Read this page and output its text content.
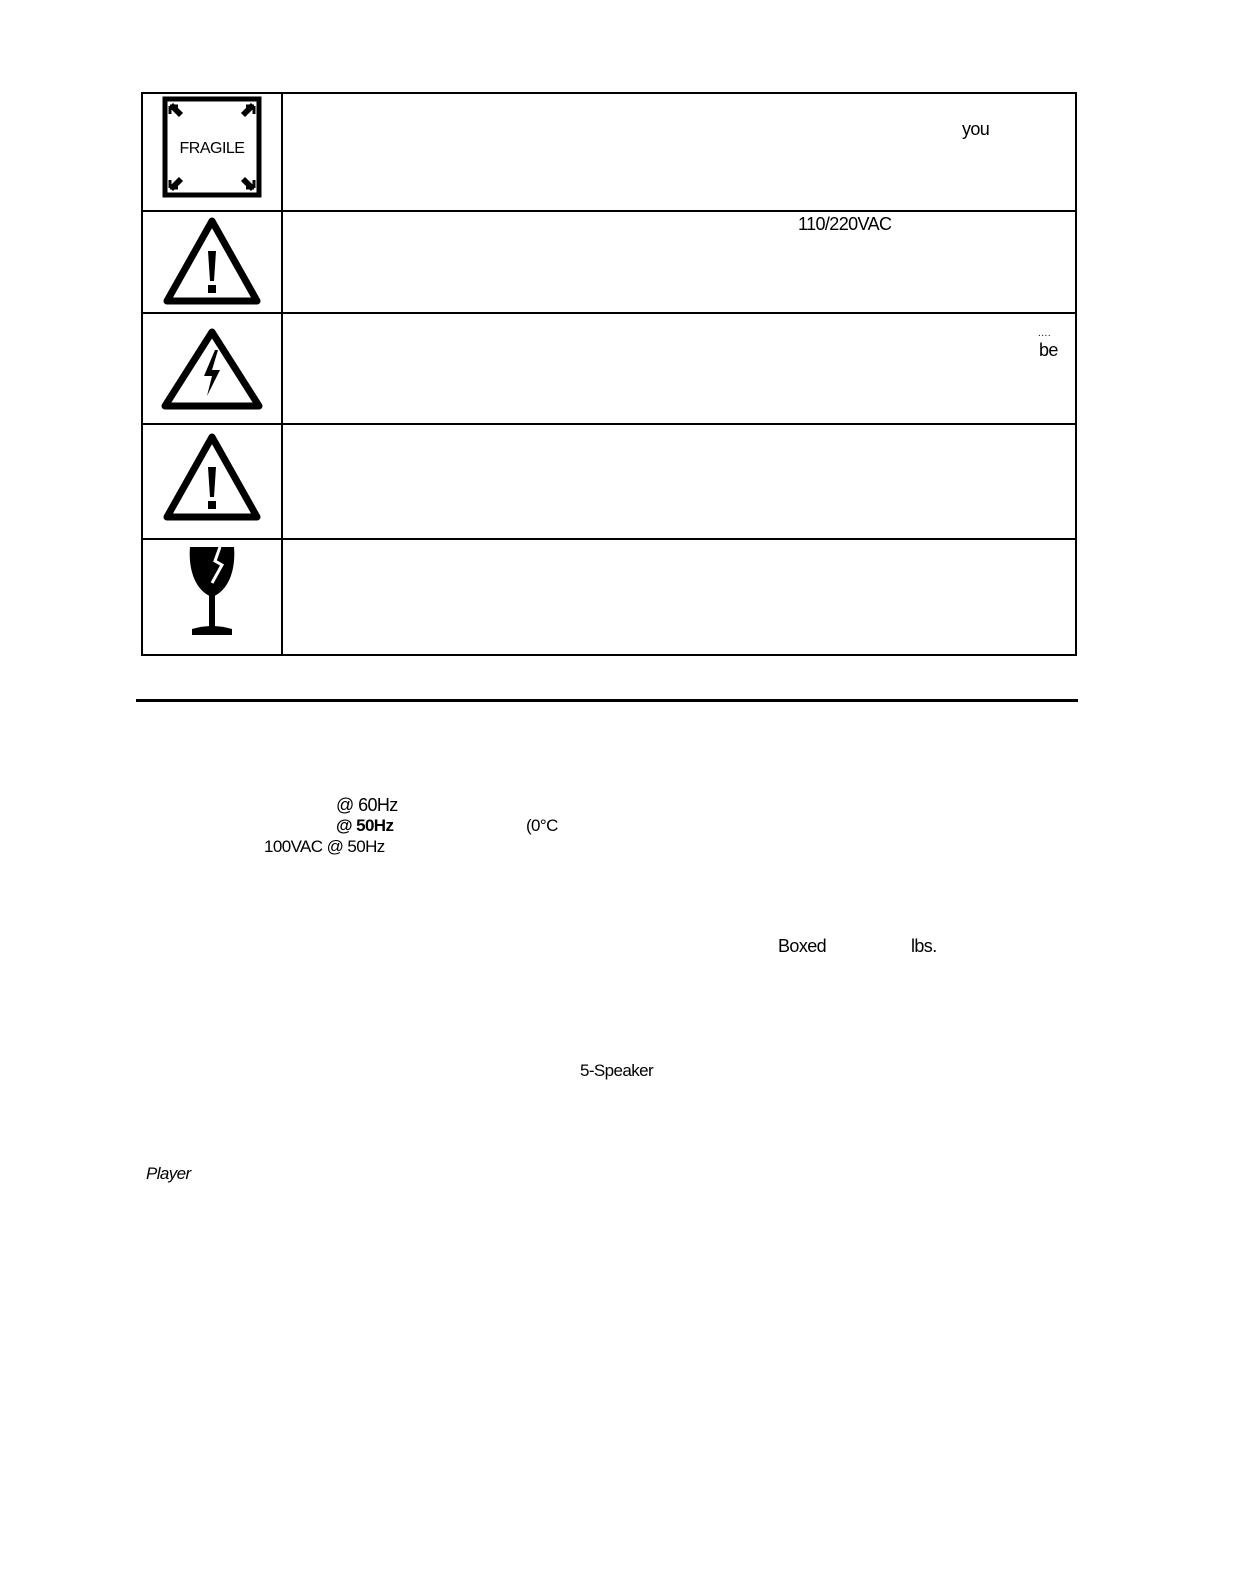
FRAGILE	you

110/220VAC

....
be

@ 60Hz
@ 50Hz
100VAC @ 50Hz
(0°C
Boxed	lbs.
5-Speaker
Player
